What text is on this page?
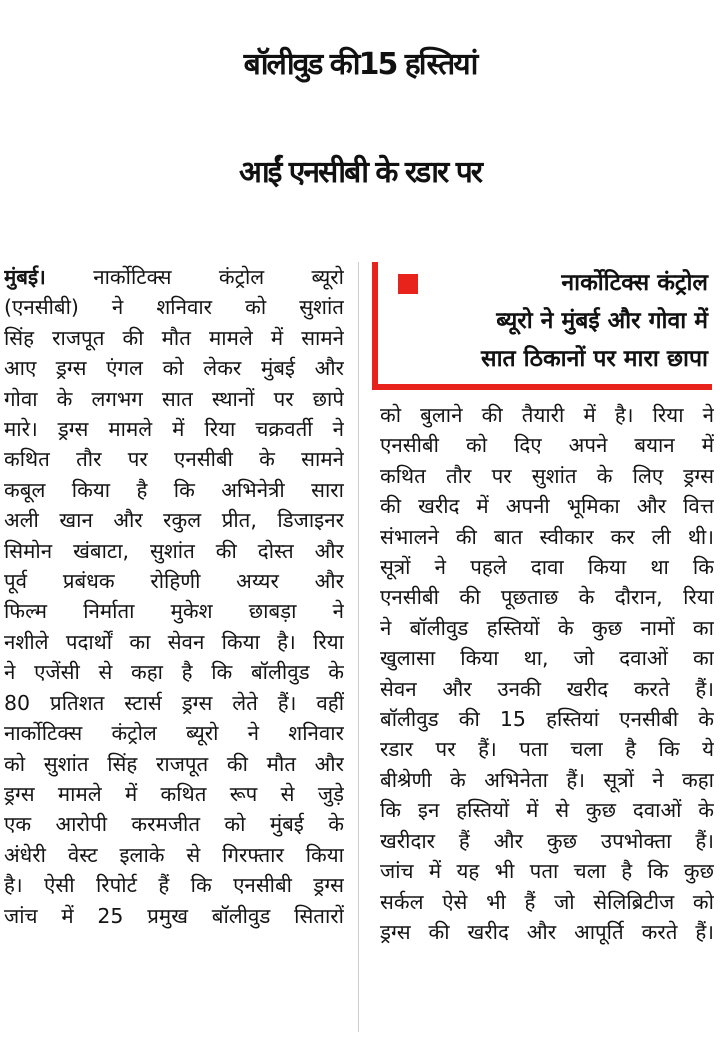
बॉलीवुड की15 हस्तियां
आईं एनसीबी के रडार पर
मुंबई। नार्कोटिक्स कंट्रोल ब्यूरो
(एनसीबी) ने शनिवार को सुशांत
सिंह राजपूत की मौत मामले में सामने
आए ड्रग्स एंगल को लेकर मुंबई और
गोवा के लगभग सात स्थानों पर छापे
मारे। ड्रग्स मामले में रिया चक्रवर्ती ने
कथित तौर पर एनसीबी के सामने
कबूल किया है कि अभिनेत्री सारा
अली खान और रकुल प्रीत, डिजाइनर
सिमोन खंबाटा, सुशांत की दोस्त और
पूर्व प्रबंधक रोहिणी अय्यर और
फिल्म निर्माता मुकेश छाबड़ा ने
नशीले पदार्थों का सेवन किया है। रिया
ने एजेंसी से कहा है कि बॉलीवुड के
80 प्रतिशत स्टार्स ड्रग्स लेते हैं। वहीं
नार्कोटिक्स कंट्रोल ब्यूरो ने शनिवार
को सुशांत सिंह राजपूत की मौत और
ड्रग्स मामले में कथित रूप से जुड़े
एक आरोपी करमजीत को मुंबई के
अंधेरी वेस्ट इलाके से गिरफ्तार किया
है। ऐसी रिपोर्ट हैं कि एनसीबी ड्रग्स
जांच में 25 प्रमुख बॉलीवुड सितारों
नार्कोटिक्स कंट्रोल
ब्यूरो ने मुंबई और गोवा में
सात ठिकानों पर मारा छापा
को बुलाने की तैयारी में है। रिया ने
एनसीबी को दिए अपने बयान में
कथित तौर पर सुशांत के लिए ड्रग्स
की खरीद में अपनी भूमिका और वित्त
संभालने की बात स्वीकार कर ली थी।
सूत्रों ने पहले दावा किया था कि
एनसीबी की पूछताछ के दौरान, रिया
ने बॉलीवुड हस्तियों के कुछ नामों का
खुलासा किया था, जो दवाओं का
सेवन और उनकी खरीद करते हैं।
बॉलीवुड की 15 हस्तियां एनसीबी के
रडार पर हैं। पता चला है कि ये
बीश्रेणी के अभिनेता हैं। सूत्रों ने कहा
कि इन हस्तियों में से कुछ दवाओं के
खरीदार हैं और कुछ उपभोक्ता हैं।
जांच में यह भी पता चला है कि कुछ
सर्कल ऐसे भी हैं जो सेलिब्रिटीज को
ड्रग्स की खरीद और आपूर्ति करते हैं।
